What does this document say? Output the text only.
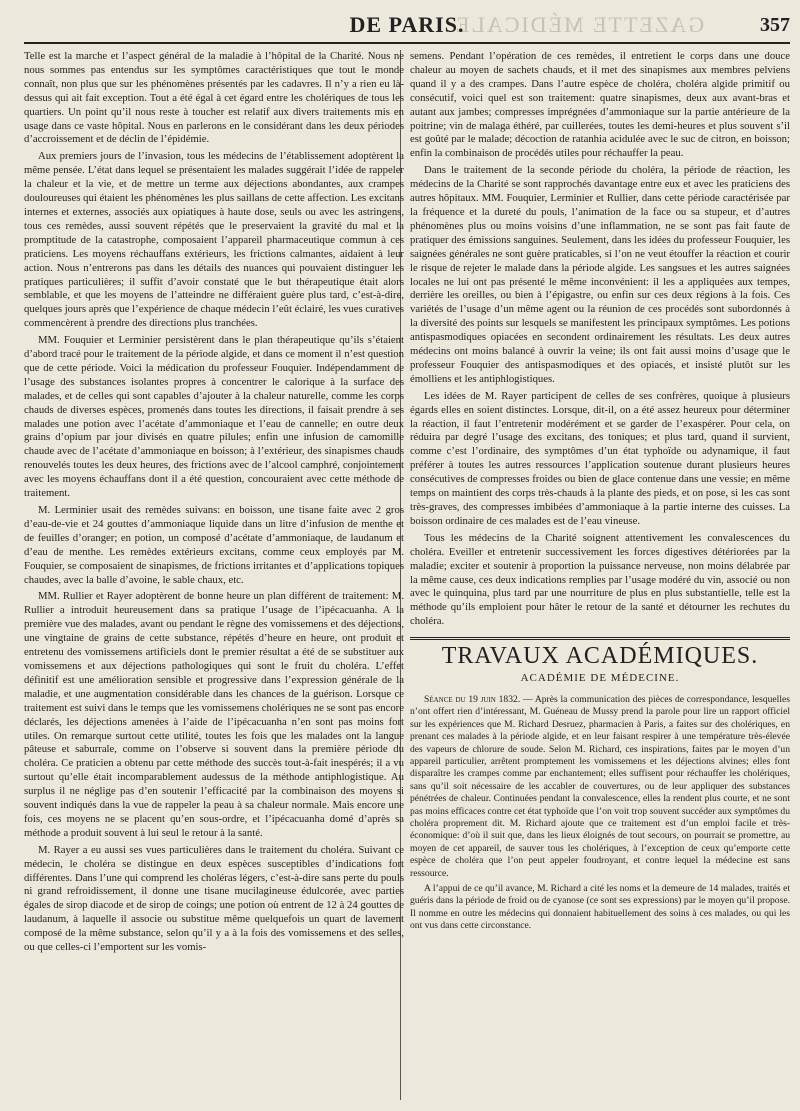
GAZETTE MÉDICALE
DE PARIS.	357

Telle est la marche et l’aspect général de la maladie à l’hôpital de la Charité. Nous ne nous sommes pas entendus sur les symptômes caractéristiques que tout le monde connaît, non plus que sur les phénomènes présentés par les cadavres. Il n’y a rien eu là-dessus qui ait fait exception. Tout a été égal à cet égard entre les cholériques de tous les quartiers. Un point qu’il nous reste à toucher est relatif aux divers traitements mis en usage dans ce vaste hôpital. Nous en parlerons en le considérant dans les deux périodes d’accroissement et de déclin de l’épidémie.

Aux premiers jours de l’invasion, tous les médecins de l’établissement adoptèrent la même pensée. L’état dans lequel se présentaient les malades suggérait l’idée de rappeler la chaleur et la vie, et de mettre un terme aux déjections abondantes, aux crampes douloureuses qui étaient les phénomènes les plus saillans de cette affection. Les excitans internes et externes, associés aux opiatiques à haute dose, seuls ou avec les astringens, tous ces remèdes, aussi souvent répétés que le preservaient la gravité du mal et la promptitude de la catastrophe, composaient l’appareil pharmaceutique commun à ces praticiens. Les moyens réchauffans extérieurs, les frictions calmantes, aidaient à leur action. Nous n’entrerons pas dans les détails des nuances qui pouvaient distinguer les pratiques particulières; il suffit d’avoir constaté que le but thérapeutique était alors semblable, et que les moyens de l’atteindre ne différaient guère plus tard, c’est-à-dire, quelques jours après que l’expérience de chaque médecin l’eût éclairé, les vues curatives commencèrent à prendre des directions plus tranchées.

MM. Fouquier et Lerminier persistèrent dans le plan thérapeutique qu’ils s’étaient d’abord tracé pour le traitement de la période algide, et dans ce moment il n’est question que de cette période. Voici la médication du professeur Fouquier. Indépendamment de l’usage des substances isolantes propres à concentrer le calorique à la surface des malades, et de celles qui sont capables d’ajouter à la chaleur naturelle, comme les corps chauds de diverses espèces, promenés dans toutes les directions, il faisait prendre à ses malades une potion avec l’acétate d’ammoniaque et l’eau de cannelle; en outre deux grains d’opium par jour divisés en quatre pilules; enfin une infusion de camomille chaude avec de l’acétate d’ammoniaque en boisson; à l’extérieur, des sinapismes chauds renouvelés toutes les deux heures, des frictions avec de l’alcool camphré, conjointement avec les moyens échauffans dont il a été question, concouraient avec cette méthode de traitement.

M. Lerminier usait des remèdes suivans: en boisson, une tisane faite avec 2 gros d’eau-de-vie et 24 gouttes d’ammoniaque liquide dans un litre d’infusion de menthe et de feuilles d’oranger; en potion, un composé d’acétate d’ammoniaque, de laudanum et d’eau de menthe. Les remèdes extérieurs excitans, comme ceux employés par M. Fouquier, se composaient de sinapismes, de frictions irritantes et d’applications topiques chaudes, avec la balle d’avoine, le sable chaux, etc.

MM. Rullier et Rayer adoptèrent de bonne heure un plan différent de traitement: M. Rullier a introduit heureusement dans sa pratique l’usage de l’ipécacuanha. A la première vue des malades, avant ou pendant le règne des vomissemens et des déjections, une vingtaine de grains de cette substance, répétés d’heure en heure, ont produit et entretenu des vomissemens artificiels dont le premier résultat a été de se substituer aux vomissemens et aux déjections pathologiques qui sont le fruit du choléra. L’effet définitif est une amélioration sensible et progressive dans l’expression générale de la maladie, et une augmentation considérable dans les chances de la guérison. Lorsque ce traitement est suivi dans le temps que les vomissemens cholériques ne se sont pas encore déclarés, les déjections amenées à l’aide de l’ipécacuanha n’en sont pas moins fort utiles. On remarque surtout cette utilité, toutes les fois que les malades ont la langue pâteuse et saburrale, comme on l’observe si souvent dans la première période du choléra. Ce praticien a obtenu par cette méthode des succès tout-à-fait inespérés; il a vu surtout qu’elle était incomparablement audessus de la méthode antiphlogistique. Au surplus il ne néglige pas d’en soutenir l’efficacité par la combinaison des moyens si souvent indiqués dans la vue de rappeler la peau à sa chaleur normale. Mais encore une fois, ces moyens ne se placent qu’en sous-ordre, et l’ipécacuanha domé d’après sa méthode a produit souvent à lui seul le retour à la santé.

M. Rayer a eu aussi ses vues particulières dans le traitement du choléra. Suivant ce médecin, le choléra se distingue en deux espèces susceptibles d’indications fort différentes. Dans l’une qui comprend les choléras légers, c’est-à-dire sans perte du pouls ni grand refroidissement, il donne une tisane mucilagineuse édulcorée, avec parties égales de sirop diacode et de sirop de coings; une potion où entrent de 12 à 24 gouttes de laudanum, à laquelle il associe ou substitue même quelquefois un quart de lavement composé de la même substance, selon qu’il y a à la fois des vomissemens et des selles, ou que celles-ci l’emportent sur les vomis-

semens. Pendant l’opération de ces remèdes, il entretient le corps dans une douce chaleur au moyen de sachets chauds, et il met des sinapismes aux membres pelviens quand il y a des crampes. Dans l’autre espèce de choléra, choléra algide primitif ou consécutif, voici quel est son traitement: quatre sinapismes, deux aux avant-bras et autant aux jambes; compresses imprégnées d’ammoniaque sur la partie antérieure de la poitrine; vin de malaga éthéré, par cuillerées, toutes les demi-heures et plus souvent s’il est goûté par le malade; décoction de ratanhia acidulée avec le suc de citron, en boisson; enfin la combinaison de procédés utiles pour réchauffer la peau.

Dans le traitement de la seconde période du choléra, la période de réaction, les médecins de la Charité se sont rapprochés davantage entre eux et avec les praticiens des autres hôpitaux. MM. Fouquier, Lerminier et Rullier, dans cette période caractérisée par la fréquence et la dureté du pouls, l’animation de la face ou sa stupeur, et d’autres phénomènes plus ou moins voisins d’une inflammation, ne se sont pas fait faute de pratiquer des émissions sanguines. Seulement, dans les idées du professeur Fouquier, les saignées générales ne sont guère praticables, si l’on ne veut étouffer la réaction et courir le risque de rejeter le malade dans la période algide. Les sangsues et les autres saignées locales ne lui ont pas présenté le même inconvénient: il les a appliquées aux tempes, derrière les oreilles, ou bien à l’épigastre, ou enfin sur ces deux régions à la fois. Ces variétés de l’usage d’un même agent ou la réunion de ces procédés sont subordonnés à la diversité des points sur lesquels se manifestent les principaux symptômes. Les potions antispasmodiques opiacées en secondent ordinairement les résultats. Les deux autres médecins ont moins balancé à ouvrir la veine; ils ont fait aussi moins d’usage que le professeur Fouquier des antispasmodiques et des opiacés, et insisté plutôt sur les émolliens et les antiphlogistiques.

Les idées de M. Rayer participent de celles de ses confrères, quoique à plusieurs égards elles en soient distinctes. Lorsque, dit-il, on a été assez heureux pour déterminer la réaction, il faut l’entretenir modérément et se garder de l’exaspérer. Pour cela, on réduira par degré l’usage des excitans, des toniques; et plus tard, quand il survient, comme c’est l’ordinaire, des symptômes d’un état typhoïde ou adynamique, il faut préférer à toutes les autres ressources l’application soutenue durant plusieurs heures consécutives de compresses froides ou bien de glace contenue dans une vessie; en même temps on maintient des corps très-chauds à la plante des pieds, et on pose, si les cas sont très-graves, des compresses imbibées d’ammoniaque à la partie interne des cuisses. La boisson ordinaire de ces malades est de l’eau vineuse.

Tous les médecins de la Charité soignent attentivement les convalescences du choléra. Eveiller et entretenir successivement les forces digestives détériorées par la maladie; exciter et soutenir à proportion la puissance nerveuse, non moins délabrée par la même cause, ces deux indications remplies par l’usage modéré du vin, associé ou non avec le quinquina, plus tard par une nourriture de plus en plus substantielle, telle est la méthode qu’ils emploient pour hâter le retour de la santé et détourner les rechutes du choléra.

TRAVAUX ACADÉMIQUES.
ACADÉMIE DE MÉDECINE.

Séance du 19 juin 1832. — Après la communication des pièces de correspondance, lesquelles n’ont offert rien d’intéressant, M. Guéneau de Mussy prend la parole pour lire un rapport officiel sur les expériences que M. Richard Desruez, pharmacien à Paris, a faites sur des cholériques, en prenant ces malades à la période algide, et en leur faisant respirer à une température très-élevée des vapeurs de chlorure de soude. Selon M. Richard, ces inspirations, faites par le moyen d’un appareil particulier, arrêtent promptement les vomissemens et les déjections alvines; elles font disparaître les crampes comme par enchantement; elles suffisent pour réchauffer les cholériques, sans qu’il soit nécessaire de les accabler de couvertures, ou de leur appliquer des substances pénétrées de chaleur. Continuées pendant la convalescence, elles la rendent plus courte, et ne sont pas moins efficaces contre cet état typhoïde que l’on voit trop souvent succéder aux symptômes du choléra proprement dit. M. Richard ajoute que ce traitement est d’un emploi facile et très-économique: d’où il suit que, dans les lieux éloignés de tout secours, on pourrait se promettre, au moyen de cet appareil, de sauver tous les cholériques, à l’exception de ceux qu’emporte cette espèce de choléra que l’on peut appeler foudroyant, et contre lequel la médecine est sans ressource.

A l’appui de ce qu’il avance, M. Richard a cité les noms et la demeure de 14 malades, traités et guéris dans la période de froid ou de cyanose (ce sont ses expressions) par le moyen qu’il propose. Il nomme en outre les médecins qui donnaient habituellement des soins à ces malades, ou qui les ont vus dans cette circonstance.
